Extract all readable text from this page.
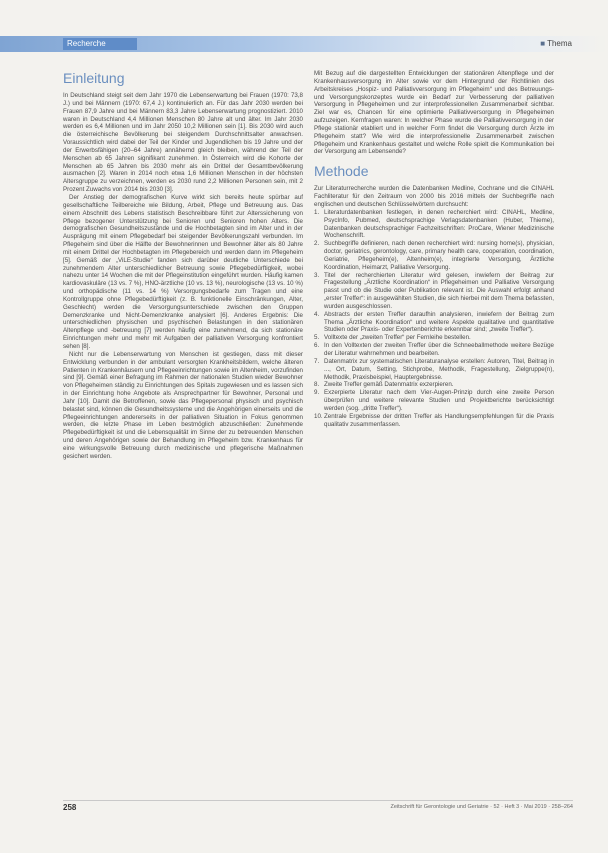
Recherche	■ Thema
Einleitung

In Deutschland steigt seit dem Jahr 1970 die Lebenserwartung bei Frauen (1970: 73,8 J.) und bei Männern (1970: 67,4 J.) kontinuierlich an. Für das Jahr 2030 werden bei Frauen 87,9 Jahre und bei Männern 83,3 Jahre Lebenserwartung prognostiziert. 2010 waren in Deutschland 4,4 Millionen Menschen 80 Jahre alt und älter. Im Jahr 2030 werden es 6,4 Millionen und im Jahr 2050 10,2 Millionen sein [1]. Bis 2030 wird auch die österreichische Bevölkerung bei steigendem Durchschnittsalter anwachsen. Voraussichtlich wird dabei der Teil der Kinder und Jugendlichen bis 19 Jahre und der der Erwerbsfähigen (20–64 Jahre) annähernd gleich bleiben, während der Teil der Menschen ab 65 Jahren signifikant zunehmen. In Österreich wird die Kohorte der Menschen ab 65 Jahren bis 2030 mehr als ein Drittel der Gesamtbevölkerung ausmachen [2]. Waren in 2014 noch etwa 1,6 Millionen Menschen in der höchsten Altersgruppe zu verzeichnen, werden es 2030 rund 2,2 Millionen Personen sein, mit 2 Prozent Zuwachs von 2014 bis 2030 [3].

Der Anstieg der demografischen Kurve wirkt sich bereits heute spürbar auf gesellschaftliche Teilbereiche wie Bildung, Arbeit, Pflege und Betreuung aus. Das einem Abschnitt des Lebens statistisch Beschreibbare führt zur Alterssicherung von Pflege bezogener Unterstützung bei Senioren und Senioren hohen Alters. Die demografischen Gesundheitszustände und die Hochbetagten sind im Alter und in der Ausprägung mit einem Pflegebedarf bei steigender Bevölkerungszahl verbunden. Im Pflegeheim sind über die Hälfte der Bewohnerinnen und Bewohner älter als 80 Jahre mit einem Drittel der Hochbetagten im Pflegebereich und werden dann im Pflegeheim [5]. Gemäß der „ViLE-Studie“ fanden sich darüber deutliche Unterschiede bei zunehmendem Alter unterschiedlicher Betreuung sowie Pflegebedürftigkeit, wobei nahezu unter 14 Wochen die mit der Pflegeinstitution eingeführt wurden. Häufig kamen kardiovaskuläre (13 vs. 7 %), HNO-ärztliche (10 vs. 13 %), neurologische (13 vs. 10 %) und orthopädische (11 vs. 14 %) Versorgungsbedarfe zum Tragen und eine Kontrollgruppe ohne Pflegebedürftigkeit (z. B. funktionelle Einschränkungen, Alter, Geschlecht) werden die Versorgungsunterschiede zwischen den Gruppen Demenzkranke und Nicht-Demenzkranke analysiert [6]. Anderes Ergebnis: Die unterschiedlichen physischen und psychischen Belastungen in den stationären Altenpflege und -betreuung [7] werden häufig eine zunehmend, da sich stationäre Einrichtungen mehr und mehr mit Aufgaben der palliativen Versorgung konfrontiert sehen [8].

Nicht nur die Lebenserwartung von Menschen ist gestiegen, dass mit dieser Entwicklung verbunden in der ambulant versorgten Krankheitsbildern, welche älteren Patienten in Krankenhäusern und Pflegeeinrichtungen sowie im Altenheim, vorzufinden sind [9]. Gemäß einer Befragung im Rahmen der nationalen Studien wieder Bewohner von Pflegeheimen ständig zu Einrichtungen des Spitals zugewiesen und es lassen sich in der Einrichtung hohe Angebote als Ansprechpartner für Bewohner, Personal und Jahr [10]. Damit die Betroffenen, sowie das Pflegepersonal physisch und psychisch belastet sind, können die Gesundheitssysteme und die Angehörigen einerseits und die Pflegeeinrichtungen andererseits in der palliativen Situation in Fokus genommen werden, die letzte Phase im Leben bestmöglich abzuschließen: Zunehmende Pflegebedürftigkeit ist und die Lebensqualität im Sinne der zu betreuenden Menschen und deren Angehörigen sowie der Behandlung im Pflegeheim bzw. Krankenhaus für eine wirkungsvolle Betreuung durch medizinische und pflegerische Maßnahmen gesichert werden.

Mit Bezug auf die dargestellten Entwicklungen der stationären Altenpflege und der Krankenhausversorgung im Alter sowie vor dem Hintergrund der Richtlinien des Arbeitskreises „Hospiz- und Palliativversorgung im Pflegeheim“ und des Betreuungs- und Versorgungskonzeptes wurde ein Bedarf zur Verbesserung der palliativen Versorgung in Pflegeheimen und zur interprofessionellen Zusammenarbeit sichtbar. Ziel war es, Chancen für eine optimierte Palliativversorgung in Pflegeheimen aufzuzeigen. Kernfragen waren: In welcher Phase wurde die Palliativversorgung in der Pflege stationär etabliert und in welcher Form findet die Versorgung durch Ärzte im Pflegeheim statt? Wie wird die interprofessionelle Zusammenarbeit zwischen Pflegeheim und Krankenhaus gestaltet und welche Rolle spielt die Kommunikation bei der Versorgung am Lebensende?

Methode

Zur Literaturrecherche wurden die Datenbanken Medline, Cochrane und die CINAHL Fachliteratur für den Zeitraum von 2000 bis 2016 mittels der Suchbegriffe nach englischen und deutschen Schlüsselwörtern durchsucht:

1. Literaturdatenbanken festlegen, in denen recherchiert wird: CINAHL, Medline, PsycInfo, Pubmed, deutschsprachige Verlagsdatenbanken (Huber, Thieme), Datenbanken deutschsprachiger Fachzeitschriften: ProCare, Wiener Medizinische Wochenschrift.
2. Suchbegriffe definieren, nach denen recherchiert wird: nursing home(s), physician, doctor, geriatrics, gerontology, care, primary health care, cooperation, coordination, Geriatrie, Pflegeheim(e), Altenheim(e), integrierte Versorgung, Ärztliche Koordination, Heimarzt, Palliative Versorgung.
3. Titel der recherchierten Literatur wird gelesen, inwiefern der Beitrag zur Fragestellung „Ärztliche Koordination“ in Pflegeheimen und Palliative Versorgung passt und ob die Studie oder Publikation relevant ist. Die Auswahl erfolgt anhand „erster Treffer“: in ausgewählten Studien, die sich hierbei mit dem Thema befassten, wurden ausgeschlossen.
4. Abstracts der ersten Treffer daraufhin analysieren, inwiefern der Beitrag zum Thema „Ärztliche Koordination“ und weitere Aspekte qualitative und quantitative Studien oder Praxis- oder Expertenberichte erkennbar sind; „zweite Treffer“).
5. Volltexte der „zweiten Treffer“ per Fernleihe bestellen.
6. In den Volltexten der zweiten Treffer über die Schneeballmethode weitere Bezüge der Literatur wahrnehmen und bearbeiten.
7. Datenmatrix zur systematischen Literaturanalyse erstellen: Autoren, Titel, Beitrag in ..., Ort, Datum, Setting, Stichprobe, Methodik, Fragestellung, Zielgruppe(n), Methodik, Praxisbeispiel, Hauptergebnisse.
8. Zweite Treffer gemäß Datenmatrix exzerpieren.
9. Exzerpierte Literatur nach dem Vier-Augen-Prinzip durch eine zweite Person überprüfen und weitere relevante Studien und Projektberichte berücksichtigt werden (sog. „dritte Treffer“).
10. Zentrale Ergebnisse der dritten Treffer als Handlungsempfehlungen für die Praxis qualitativ zusammenfassen.
258	Zeitschrift für Gerontologie und Geriatrie · 52 · Heft 3 · Mai 2019 · 258–264
